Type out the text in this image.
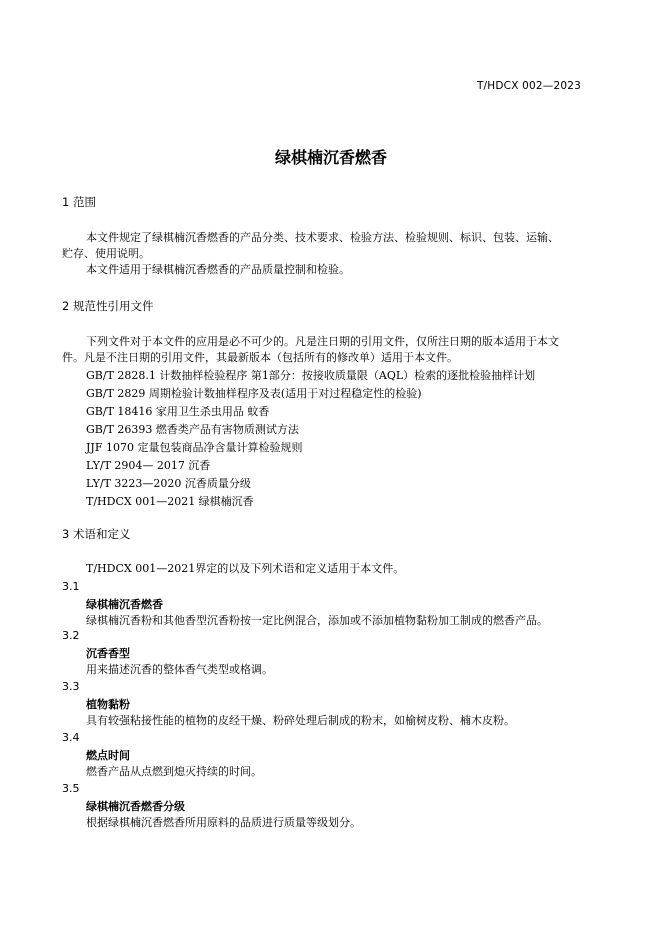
T/HDCX 002—2023
绿棋楠沉香燃香
1 范围
本文件规定了绿棋楠沉香燃香的产品分类、技术要求、检验方法、检验规则、标识、包装、运输、
贮存、使用说明。
本文件适用于绿棋楠沉香燃香的产品质量控制和检验。
2 规范性引用文件
下列文件对于本文件的应用是必不可少的。凡是注日期的引用文件，仅所注日期的版本适用于本文
件。凡是不注日期的引用文件，其最新版本（包括所有的修改单）适用于本文件。
GB/T 2828.1 计数抽样检验程序 第1部分：按接收质量限（AQL）检索的逐批检验抽样计划
GB/T 2829 周期检验计数抽样程序及表(适用于对过程稳定性的检验)
GB/T 18416 家用卫生杀虫用品 蚊香
GB/T 26393 燃香类产品有害物质测试方法
JJF 1070 定量包装商品净含量计算检验规则
LY/T 2904— 2017 沉香
LY/T 3223—2020 沉香质量分级
T/HDCX 001—2021 绿棋楠沉香
3 术语和定义
T/HDCX 001—2021界定的以及下列术语和定义适用于本文件。
3.1
绿棋楠沉香燃香
绿棋楠沉香粉和其他香型沉香粉按一定比例混合，添加或不添加植物黏粉加工制成的燃香产品。
3.2
沉香香型
用来描述沉香的整体香气类型或格调。
3.3
植物黏粉
具有较强粘接性能的植物的皮经干燥、粉碎处理后制成的粉末，如榆树皮粉、楠木皮粉。
3.4
燃点时间
燃香产品从点燃到熄灭持续的时间。
3.5
绿棋楠沉香燃香分级
根据绿棋楠沉香燃香所用原料的品质进行质量等级划分。
